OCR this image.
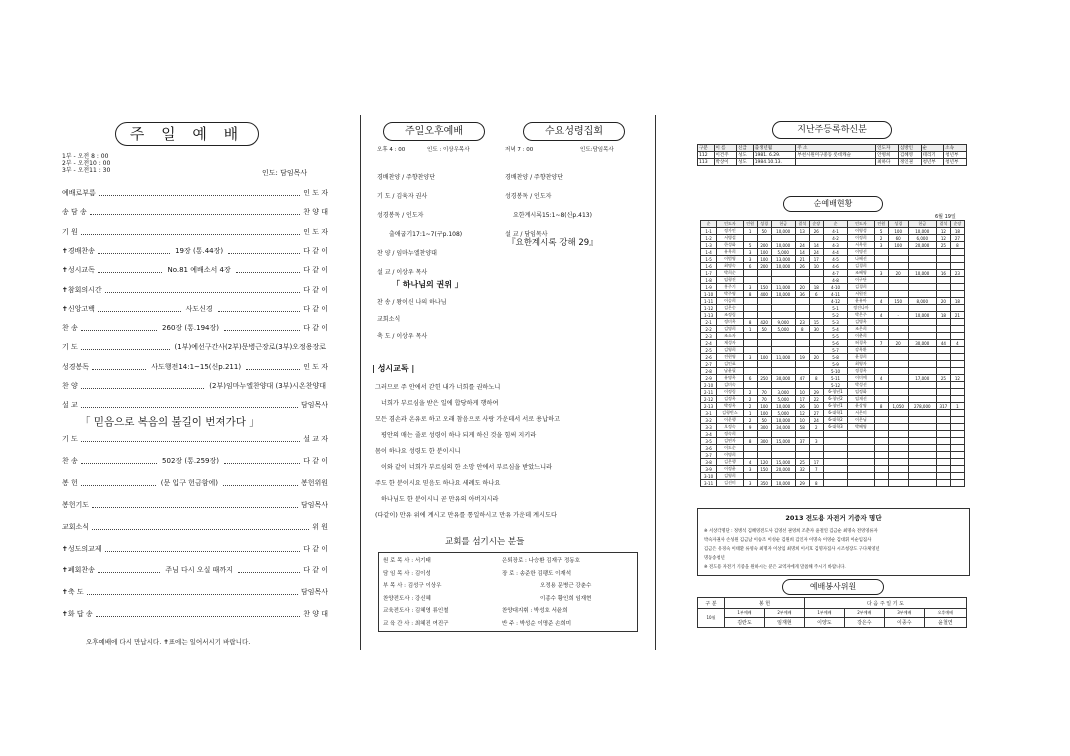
주 일 예 배
1부 - 오전 8 : 00
2부 - 오전10 : 00
3부 - 오전11 : 30	인도: 담임목사
예배로부름	인 도 자
송 담 송	찬 양 대
기 원	인 도 자
✝경배찬송	19장 (통.44장)	다 같 이
✝성시교독	No.81 예배소서 4장	다 같 이
✝참회의시간	다 같 이
✝신앙고백	사도신경	다 같 이
찬 송	260장 (통.194장)	다 같 이
기 도	(1부)예선구간사(2부)문병근장로(3부)오정용장로
성경봉독	사도행전14:1~15(신p.211)	인 도 자
찬 양	(2부)임마누엘찬양대 (3부)시온찬양대
설 교	담임목사
「 믿음으로 복음의 불길이 번져가다 」
기 도	설 교 자
찬 송	502장 (통.259장)	다 같 이
봉 헌	(문 입구 헌금함에)	봉헌위원
봉헌기도	담임목사
교회소식	위 원
✝성도의교제	다 같 이
✝폐회찬송	주님 다시 오실 때까지	다 같 이
✝축 도	담임목사
✝화 답 송	찬 양 대
오후예배에 다시 만납시다. ✝표에는 일어서시기 바랍니다.
주일오후예배
오후 4 : 00	인도 : 이상우목사
경배찬양 / 주향찬양단
기 도 / 김육자 권사
성경봉독 / 인도자
출애굽기17:1~7(구p.108)
찬 양 / 임마누엘찬양대
설 교 / 이상우 목사
「 하나님의 권위 」
찬 송 / 왕이신 나의 하나님
교회소식
축 도 / 이상우 목사
수요성령집회
저녁 7 : 00	인도:담임목사
경배찬양 / 주향찬양단
성경봉독 / 인도자
요한계시록15:1~8(신p.413)
설 교 / 담임목사
『요한계시록 강해 29』
| 성시교독 |
그러므로 주 안에서 갇힌 내가 너희를 권하노니
너희가 부르심을 받은 일에 합당하게 행하여
모든 겸손과 온유로 하고 오래 참음으로 사랑 가운데서 서로 용납하고
평안의 매는 줄로 성령이 하나 되게 하신 것을 힘써 지키라
몸이 하나요 성령도 한 분이시니
이와 같이 너희가 부르심의 한 소망 안에서 부르심을 받았느니라
주도 한 분이시요 믿음도 하나요 세례도 하나요
하나님도 한 분이시니 곧 만유의 아버지시라
(다같이) 만유 위에 계시고 만유를 통일하시고 만유 가운데 계시도다
교회를 섬기시는 분들
원 로 목 사 : 서기태
담 임 목 사 : 김이성
부 목 사 : 김성구 이상우
찬양전도사 : 강신혜
교육전도사 : 김혜영 류인철
교 육 간 사 : 최혜진 여진구
은퇴장로 : 나승환 김재구 정동호
장 로 : 송준한 김팽도 이재석
오정용 문병근 강춘수
이종수 황인희 임재현
찬양대지휘 : 박성호 서윤희
반 주 : 박성순 이명준 손희미
지난주등록하신분
구분	이 름	신급	출생년월	주 소	인도자	심방인	순	소속
112	이건주	성도	1981. 6.29.	부천시원미구중동 롯데캐슬	안병희	김혜영	테리기	청년부
113	박상이	성도	1984.10.13.		최하다	정인권	청년부	청년부
순예배현황
6월 19일
순	인도자	인원	성경	헌금	결석	순장	순	인도자	인원	성경	헌금	결석	순장
1-1	정가인	1	50	10,000	13	26	4-1	이영성	5	100	10,000	12	18
1-2	서병섭						4-2	이정희	2	60	6,000	12	27
1-3	한성화	5	200	10,000	24	14	4-3	서옥헌	3	100	20,000	25	8
1-4	유옥희	3	100	5,000	14	24	4-4	이명선					
1-5	이범영	3	100	13,000	21	17	4-5	나혜선					
1-6	최명숙	6	200	10,000	26	10	4-6	김경희					
1-7	박희순						4-7	조혜영	3	20	10,000	16	23
1-8	임형진						4-8	이구단					
1-9	홍주기	3	150	11,000	20	18	4-10	김경희					
1-10	박주영	8	400	10,000	36	6	4-11	서원진					
1-11	이승희						4-12	윤유아	4	150	8,000	20	18
1-12	김은숭						5-1	정진나마					
1-13	조정림						5-2	박은주	4	-	10,000	18	21
2-1	정미옥	8	420	9,000	23	15	5-3	김병옥					
2-2	김명희	1	50	5,000	8	30	5-4	조은희					
2-3	조소자						5-5	이춘희					
2-4	제성자						5-6	허경옥	7	20	30,000	44	4
2-5	김영희						5-7	강옥환					
2-6	전현영	3	100	11,000	19	20	5-8	윤경희					
2-7	김인표						5-9	최영자					
2-8	남윤필						5-10	정경옥					
2-9	유명옥	6	250	30,000	47	8	5-11	이미예	4		17,000	25	12
2-10	김미숙						5-12	박성선					
2-11	이정림	2	70	3,000	10	29	6-청년1	임정화					
2-12	김정옥	2	70	5,000	17	22	6-청년2	임재선					
2-13	박정옥	2	100	10,000	26	10	6-청년1	윤상영	8	1,050	278,000	317	1
3-1	김형빈스	1	100	5,000	12	27	6-대학1	서은미					
3-2	이운행	2	50	10,000	10	24	6-대학2	이은님					
3-3	오정숙	9	300	34,000	58	2	6-대학3	박혜영					
3-4	정숙희												
3-5	김연자	8	300	15,000	37	3							
3-6	이도순												
3-7	이명희												
3-8	김은행	4	120	15,000	25	17							
3-9	이정윤	3	150	20,000	32	7							
3-10	김영희												
3-11	김선미	3	350	10,000	29	8							
2013 전도용 자전거 기증자 명단
※ 서상각명단 : 정병석 김혜영전도사 김영선 권영희 조춘자 윤철연 김금순 최명숙 전영영류자
박숙자권사 손성원 김금남 이승조 이성순 김원희 김인자 이명숙 이영순 김대휘 이순임집사
김금은 유경숙 이태환 류영숙 최명자 이상임 최명희 이서호 김명자집사 시조청장도 구다체영년
명동송청년
※ 전도용 자전거 기증을 원하시는 분은 교역자에게 말씀해 주시기 바랍니다.
예배봉사위원
구 분	봉 헌		다 음 주 일 기 도			
10월	1부예배	2부예배	1부예배	2부예배	3부예배	오후예배
	김란도	임재현	이양도	강은수	이종수	윤철연
